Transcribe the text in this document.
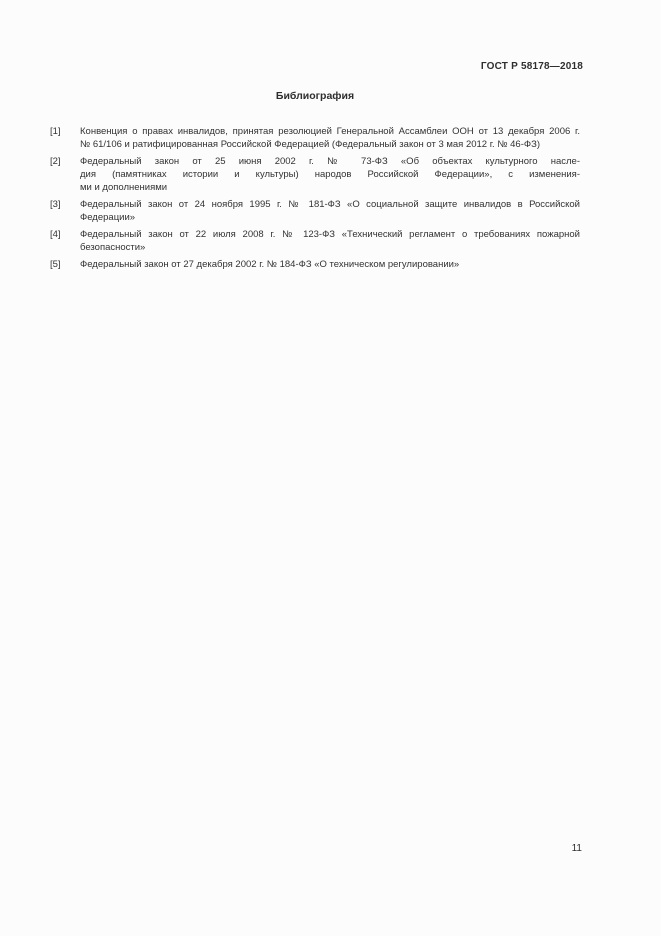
ГОСТ Р 58178—2018
Библиография
[1]	Конвенция о правах инвалидов, принятая резолюцией Генеральной Ассамблеи ООН от 13 декабря 2006 г.
№ 61/106 и ратифицированная Российской Федерацией (Федеральный закон от 3 мая 2012 г. № 46-ФЗ)
[2]	Федеральный закон от 25 июня 2002 г. № 73-ФЗ «Об объектах культурного насле-
дия (памятниках истории и культуры) народов Российской Федерации», с изменения-
ми и дополнениями
[3]	Федеральный закон от 24 ноября 1995 г. № 181-ФЗ «О социальной защите инвалидов в Российской
Федерации»
[4]	Федеральный закон от 22 июля 2008 г. № 123-ФЗ «Технический регламент о требованиях пожарной
безопасности»
[5]	Федеральный закон от 27 декабря 2002 г. № 184-ФЗ «О техническом регулировании»
11
